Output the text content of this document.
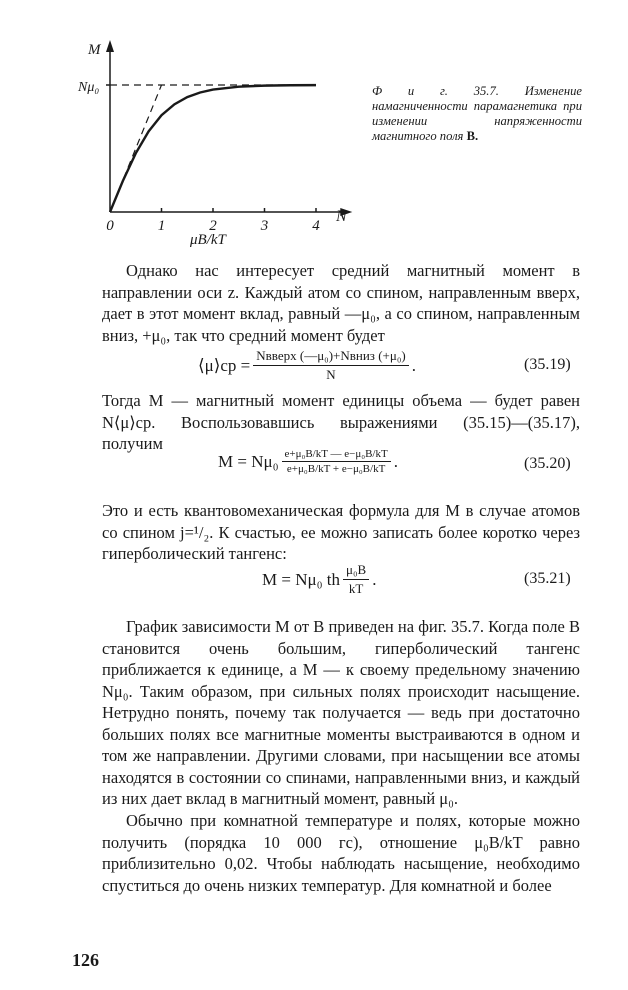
0	1	2	3	4
M
Nμ₀
N
μB/kT
Ф и г. 35.7. Изменение намагниченности парамагнетика при изменении напряженности магнитного поля B.
Однако нас интересует средний магнитный момент в направлении оси z. Каждый атом со спином, направленным вверх, дает в этот момент вклад, равный —μ₀, а со спином, направленным вниз, +μ₀, так что средний момент будет
⟨μ⟩ср = $\frac{\text{Nвверх (—μ₀)+Nвниз (+μ₀)}}{N}$ .	(35.19)
Тогда M — магнитный момент единицы объема — будет равен N⟨μ⟩ср. Воспользовавшись выражениями (35.15)—(35.17), получим
$M = N\mu_0 \frac{\text{e+μ₀B/kT — e−μ₀B/kT}}{\text{e+μ₀B/kT + e−μ₀B/kT}}$ .	(35.20)
Это и есть квантовомеханическая формула для M в случае атомов со спином j=¹/₂. К счастью, ее можно записать более коротко через гиперболический тангенс:
M = Nμ₀ th $\frac{\text{μ₀B}}{kT}$ .	(35.21)
График зависимости M от B приведен на фиг. 35.7. Когда поле B становится очень большим, гиперболический тангенс приближается к единице, а M — к своему предельному значению Nμ₀. Таким образом, при сильных полях происходит насыщение. Нетрудно понять, почему так получается — ведь при достаточно больших полях все магнитные моменты выстраиваются в одном и том же направлении. Другими словами, при насыщении все атомы находятся в состоянии со спинами, направленными вниз, и каждый из них дает вклад в магнитный момент, равный μ₀.
Обычно при комнатной температуре и полях, которые можно получить (порядка 10 000 гс), отношение μ₀B/kT равно приблизительно 0,02. Чтобы наблюдать насыщение, необходимо спуститься до очень низких температур. Для комнатной и более
126
